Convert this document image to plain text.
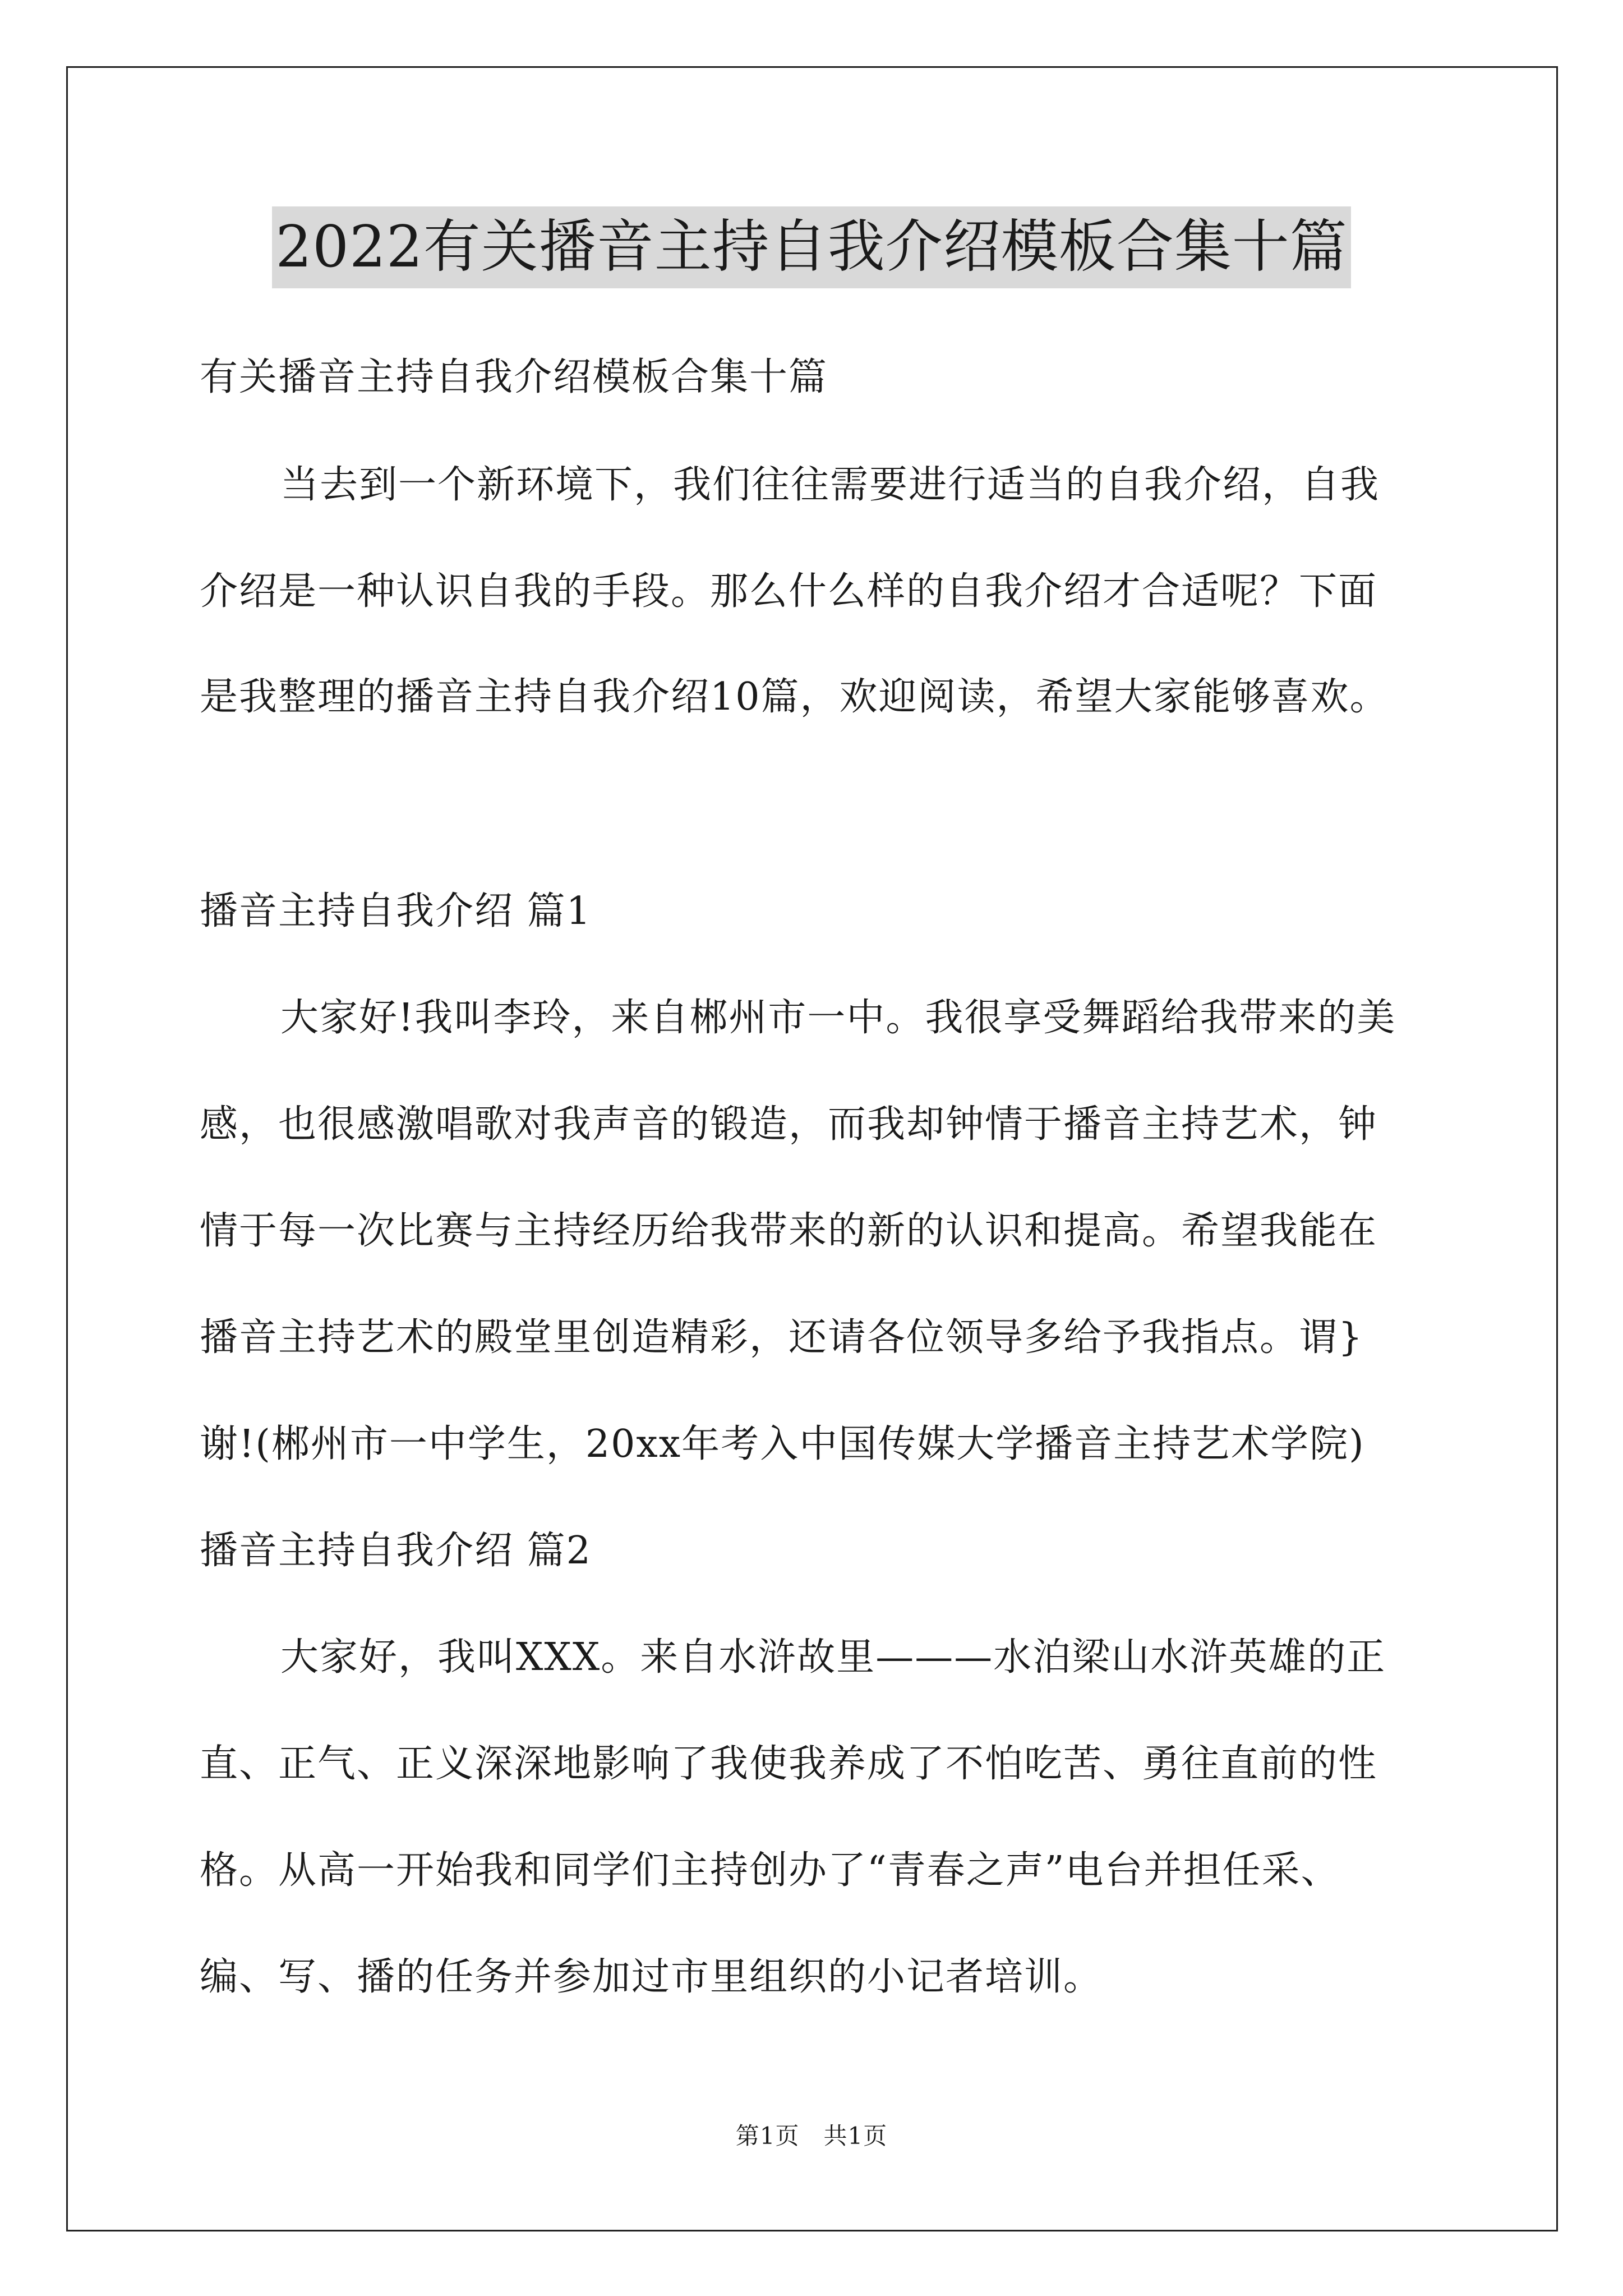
2022有关播音主持自我介绍模板合集十篇
有关播音主持自我介绍模板合集十篇
当去到一个新环境下，我们往往需要进行适当的自我介绍，自我
介绍是一种认识自我的手段。那么什么样的自我介绍才合适呢？下面
是我整理的播音主持自我介绍10篇，欢迎阅读，希望大家能够喜欢。
播音主持自我介绍 篇1
大家好!我叫李玲，来自郴州市一中。我很享受舞蹈给我带来的美
感，也很感激唱歌对我声音的锻造，而我却钟情于播音主持艺术，钟
情于每一次比赛与主持经历给我带来的新的认识和提高。希望我能在
播音主持艺术的殿堂里创造精彩，还请各位领导多给予我指点。谓}
谢!(郴州市一中学生，20xx年考入中国传媒大学播音主持艺术学院)
播音主持自我介绍 篇2
大家好，我叫XXX。来自水浒故里———水泊梁山水浒英雄的正
直、正气、正义深深地影响了我使我养成了不怕吃苦、勇往直前的性
格。从高一开始我和同学们主持创办了“青春之声”电台并担任采、
编、写、播的任务并参加过市里组织的小记者培训。
第1页　共1页
